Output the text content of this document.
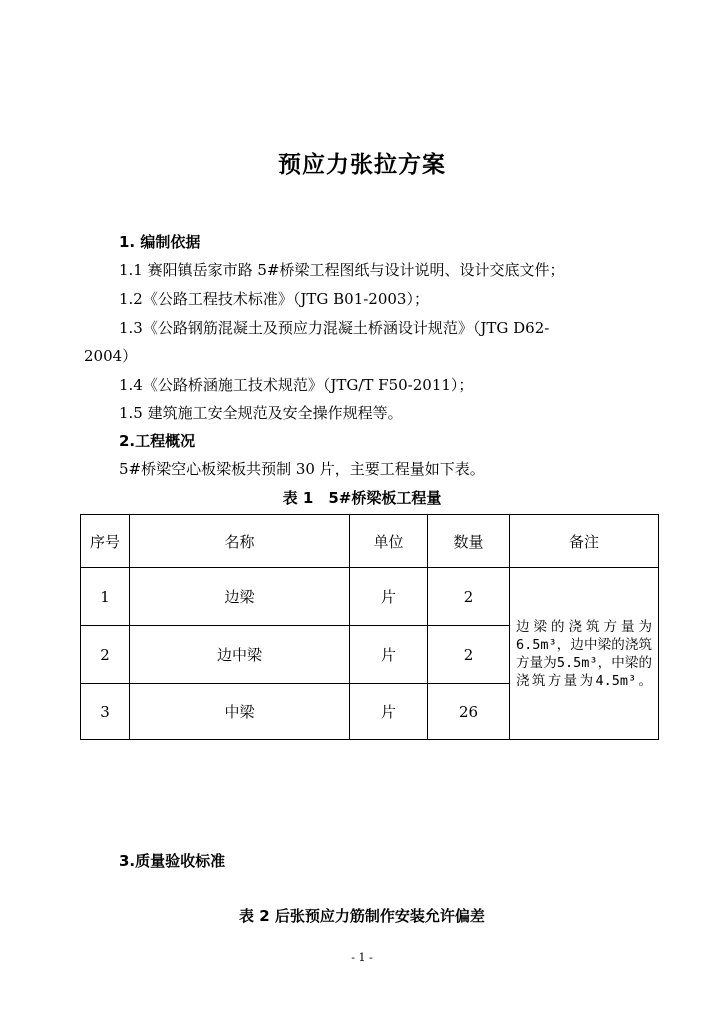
预应力张拉方案
1. 编制依据
1.1 赛阳镇岳家市路 5#桥梁工程图纸与设计说明、设计交底文件；
1.2《公路工程技术标准》（JTG B01-2003）；
1.3《公路钢筋混凝土及预应力混凝土桥涵设计规范》（JTG D62-
2004）
1.4《公路桥涵施工技术规范》（JTG/T F50-2011）；
1.5 建筑施工安全规范及安全操作规程等。
2.工程概况
5#桥梁空心板梁板共预制 30 片，主要工程量如下表。
表 1　5#桥梁板工程量
序号	名称	单位	数量	备注
1	边梁	片	2	边梁的浇筑方量为6.5m³，边中梁的浇筑方量为5.5m³，中梁的浇筑方量为4.5m³。
2	边中梁	片	2	
3	中梁	片	26	
3.质量验收标准
表 2 后张预应力筋制作安装允许偏差
- 1 -
